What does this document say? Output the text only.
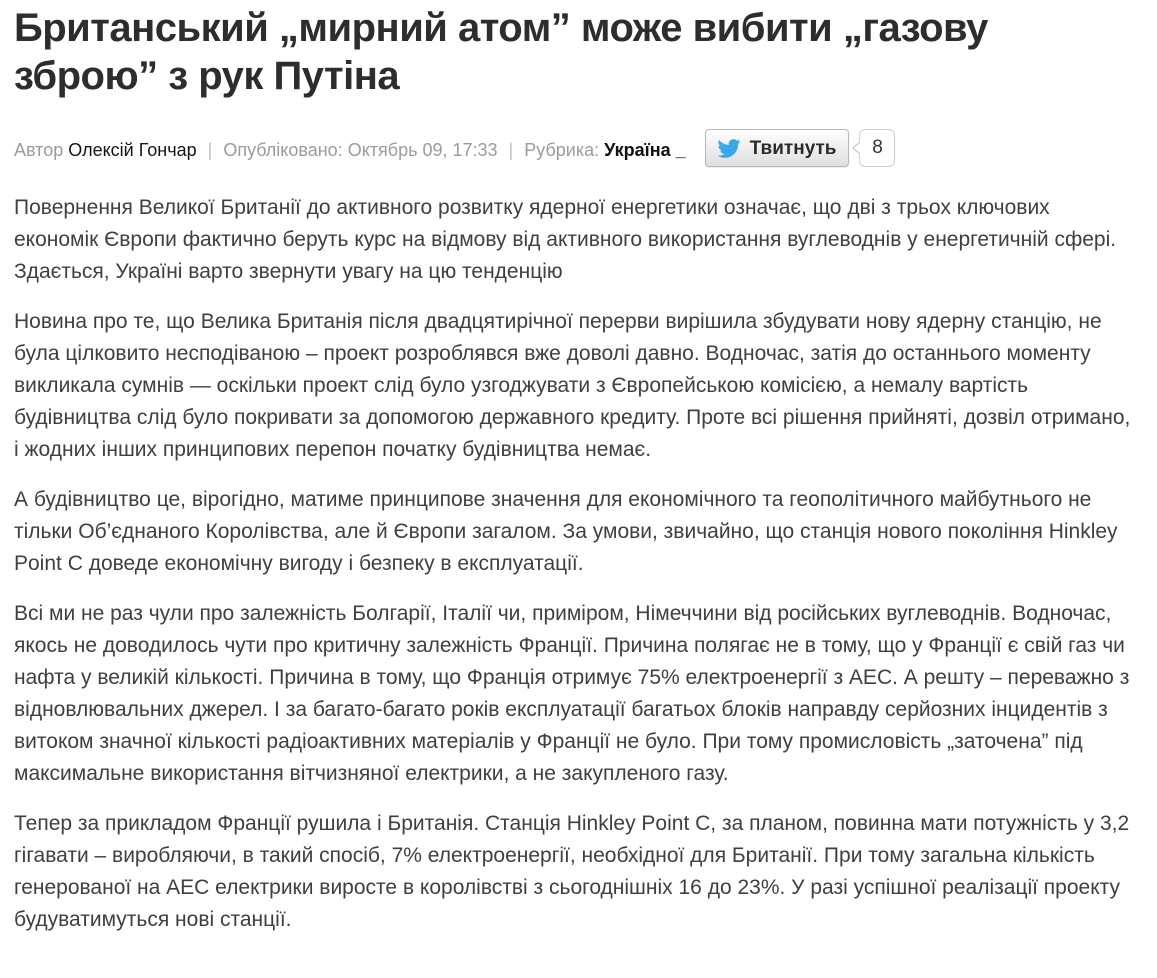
Британський „мирний атом” може вибити „газову зброю” з рук Путіна
Автор Олексій Гончар | Опубліковано: Октябрь 09, 17:33 | Рубрика: Україна _	Твитнуть 8

Повернення Великої Британії до активного розвитку ядерної енергетики означає, що дві з трьох ключових економік Європи фактично беруть курс на відмову від активного використання вуглеводнів у енергетичній сфері. Здається, Україні варто звернути увагу на цю тенденцію

Новина про те, що Велика Британія після двадцятирічної перерви вирішила збудувати нову ядерну станцію, не була цілковито несподіваною – проект розроблявся вже доволі давно. Водночас, затія до останнього моменту викликала сумнів — оскільки проект слід було узгоджувати з Європейською комісією, а немалу вартість будівництва слід було покривати за допомогою державного кредиту. Проте всі рішення прийняті, дозвіл отримано, і жодних інших принципових перепон початку будівництва немає.

А будівництво це, вірогідно, матиме принципове значення для економічного та геополітичного майбутнього не тільки Об’єднаного Королівства, але й Європи загалом. За умови, звичайно, що станція нового покоління Hinkley Point C доведе економічну вигоду і безпеку в експлуатації.

Всі ми не раз чули про залежність Болгарії, Італії чи, приміром, Німеччини від російських вуглеводнів. Водночас, якось не доводилось чути про критичну залежність Франції. Причина полягає не в тому, що у Франції є свій газ чи нафта у великій кількості. Причина в тому, що Франція отримує 75% електроенергії з АЕС. А решту – переважно з відновлювальних джерел. І за багато-багато років експлуатації багатьох блоків направду серйозних інцидентів з витоком значної кількості радіоактивних матеріалів у Франції не було. При тому промисловість „заточена” під максимальне використання вітчизняної електрики, а не закупленого газу.

Тепер за прикладом Франції рушила і Британія. Станція Hinkley Point C, за планом, повинна мати потужність у 3,2 гігавати – виробляючи, в такий спосіб, 7% електроенергії, необхідної для Британії. При тому загальна кількість генерованої на АЕС електрики виросте в королівстві з сьогоднішніх 16 до 23%. У разі успішної реалізації проекту будуватимуться нові станції.
